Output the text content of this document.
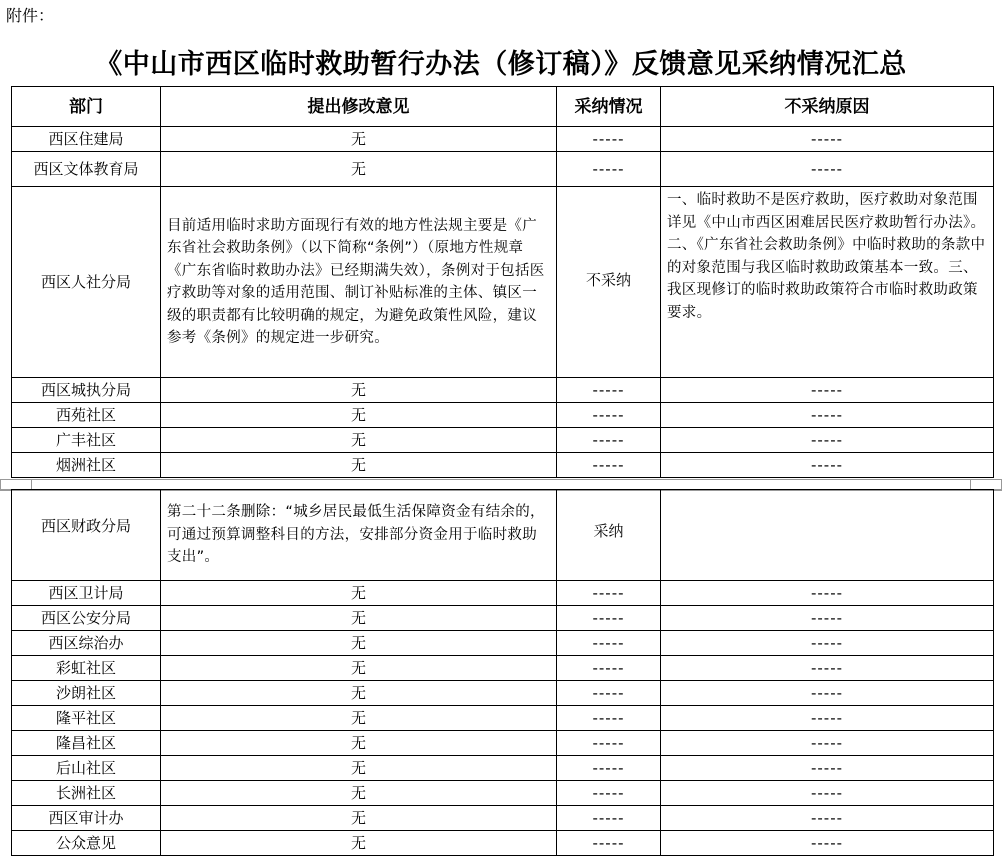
附件：
《中山市西区临时救助暂行办法（修订稿）》反馈意见采纳情况汇总
部门	提出修改意见	采纳情况	不采纳原因
西区住建局	无	-----	-----
西区文体教育局	无	-----	-----
西区人社分局	目前适用临时求助方面现行有效的地方性法规主要是《广东省社会救助条例》（以下简称“条例”）（原地方性规章《广东省临时救助办法》已经期满失效），条例对于包括医疗救助等对象的适用范围、制订补贴标准的主体、镇区一级的职责都有比较明确的规定，为避免政策性风险，建议参考《条例》的规定进一步研究。	不采纳	一、临时救助不是医疗救助，医疗救助对象范围详见《中山市西区困难居民医疗救助暂行办法》。二、《广东省社会救助条例》中临时救助的条款中的对象范围与我区临时救助政策基本一致。三、我区现修订的临时救助政策符合市临时救助政策要求。
西区城执分局	无	-----	-----
西苑社区	无	-----	-----
广丰社区	无	-----	-----
烟洲社区	无	-----	-----
西区财政分局	第二十二条删除：“城乡居民最低生活保障资金有结余的，可通过预算调整科目的方法，安排部分资金用于临时救助支出”。	采纳	
西区卫计局	无	-----	-----
西区公安分局	无	-----	-----
西区综治办	无	-----	-----
彩虹社区	无	-----	-----
沙朗社区	无	-----	-----
隆平社区	无	-----	-----
隆昌社区	无	-----	-----
后山社区	无	-----	-----
长洲社区	无	-----	-----
西区审计办	无	-----	-----
公众意见	无	-----	-----
